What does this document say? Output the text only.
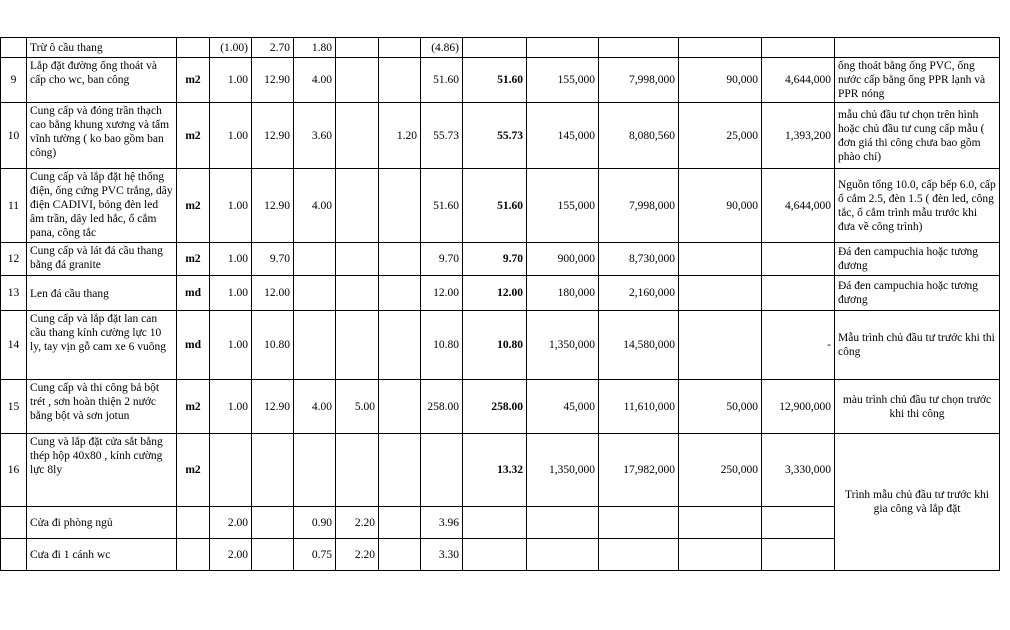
	Trừ ô cầu thang		(1.00)	2.70	1.80			(4.86)						
9	Lắp đặt đường ống thoát và cấp cho wc, ban công	m2	1.00	12.90	4.00			51.60	51.60	155,000	7,998,000	90,000	4,644,000	ống thoát bằng ống PVC, ống nước cấp bằng ống PPR lạnh và PPR nóng
10	Cung cấp và đóng trần thạch cao bằng khung xương và tấm vĩnh tường ( ko bao gồm ban công)	m2	1.00	12.90	3.60		1.20	55.73	55.73	145,000	8,080,560	25,000	1,393,200	mẫu chủ đầu tư chọn trên hình hoặc chủ đầu tư cung cấp mẫu ( đơn giá thi công chưa bao gồm phào chỉ)
11	Cung cấp và lắp đặt hệ thống điện, ống cứng PVC trắng, dây điện CADIVI, bóng đèn led âm trần, dây led hắc, ổ cắm pana, công tắc	m2	1.00	12.90	4.00			51.60	51.60	155,000	7,998,000	90,000	4,644,000	Nguồn tổng 10.0, cấp bếp 6.0, cấp ổ cắm 2.5, đèn 1.5 ( đèn led, công tắc, ổ cắm trình mẫu trước khi đưa về công trình)
12	Cung cấp và lát đá cầu thang bằng đá granite	m2	1.00	9.70				9.70	9.70	900,000	8,730,000			Đá đen campuchia hoặc tương đương
13	Len đá cầu thang	md	1.00	12.00				12.00	12.00	180,000	2,160,000			Đá đen campuchia hoặc tương đương
14	Cung cấp và lắp đặt lan can cầu thang kính cường lực 10 ly, tay vịn gỗ cam xe 6 vuông	md	1.00	10.80				10.80	10.80	1,350,000	14,580,000		-	Mẫu trình chủ đầu tư trước khi thi công
15	Cung cấp và thi công bả bột trét , sơn hoàn thiện 2 nước bằng bột và sơn jotun	m2	1.00	12.90	4.00	5.00		258.00	258.00	45,000	11,610,000	50,000	12,900,000	màu trình chủ đầu tư chọn trước khi thi công
16	Cung và lắp đặt cửa sắt bằng thép hộp 40x80 , kính cường lực 8ly	m2							13.32	1,350,000	17,982,000	250,000	3,330,000	Trình mẫu chủ đầu tư trước khi gia công và lắp đặt
	Cửa đi phòng ngủ		2.00		0.90	2.20		3.96						
	Cưa đi 1 cánh wc		2.00		0.75	2.20		3.30						
